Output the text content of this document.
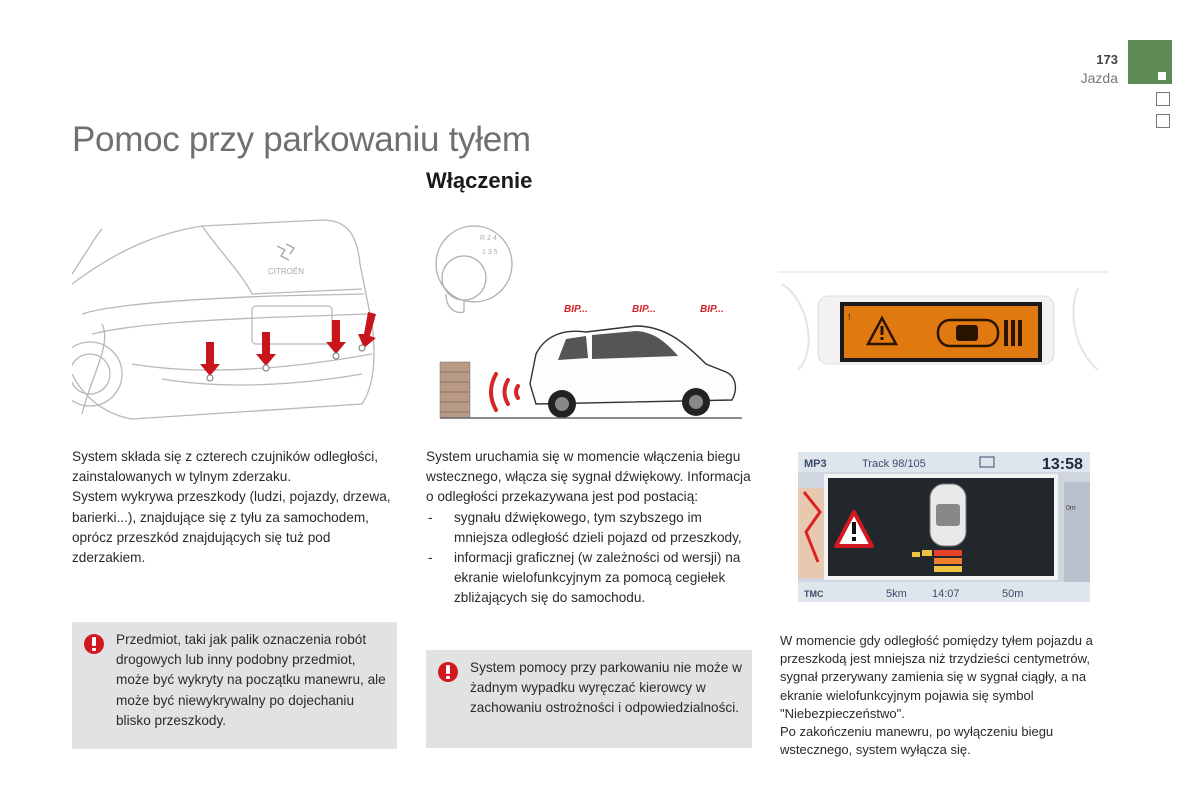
173
Jazda
Pomoc przy parkowaniu tyłem
Włączenie
CITROËN
R 2 4
1 3 5
BIP...	BIP...	BIP...
!
MP3	Track 98/105	13:58
0m
TMC	5km 14:07	50m
System składa się z czterech czujników odległości, zainstalowanych w tylnym zderzaku.
System wykrywa przeszkody (ludzi, pojazdy, drzewa, barierki...), znajdujące się z tyłu za samochodem, oprócz przeszkód znajdujących się tuż pod zderzakiem.
Przedmiot, taki jak palik oznaczenia robót drogowych lub inny podobny przedmiot, może być wykryty na początku manewru, ale może być niewykrywalny po dojechaniu blisko przeszkody.

System uruchamia się w momencie włączenia biegu wstecznego, włącza się sygnał dźwiękowy. Informacja o odległości przekazywana jest pod postacią:

- sygnału dźwiękowego, tym szybszego im mniejsza odległość dzieli pojazd od przeszkody,
- informacji graficznej (w zależności od wersji) na ekranie wielofunkcyjnym za pomocą cegiełek zbliżających się do samochodu.
System pomocy przy parkowaniu nie może w żadnym wypadku wyręczać kierowcy w zachowaniu ostrożności i odpowiedzialności.
W momencie gdy odległość pomiędzy tyłem pojazdu a przeszkodą jest mniejsza niż trzydzieści centymetrów, sygnał przerywany zamienia się w sygnał ciągły, a na ekranie wielofunkcyjnym pojawia się symbol "Niebezpieczeństwo".
Po zakończeniu manewru, po wyłączeniu biegu wstecznego, system wyłącza się.
